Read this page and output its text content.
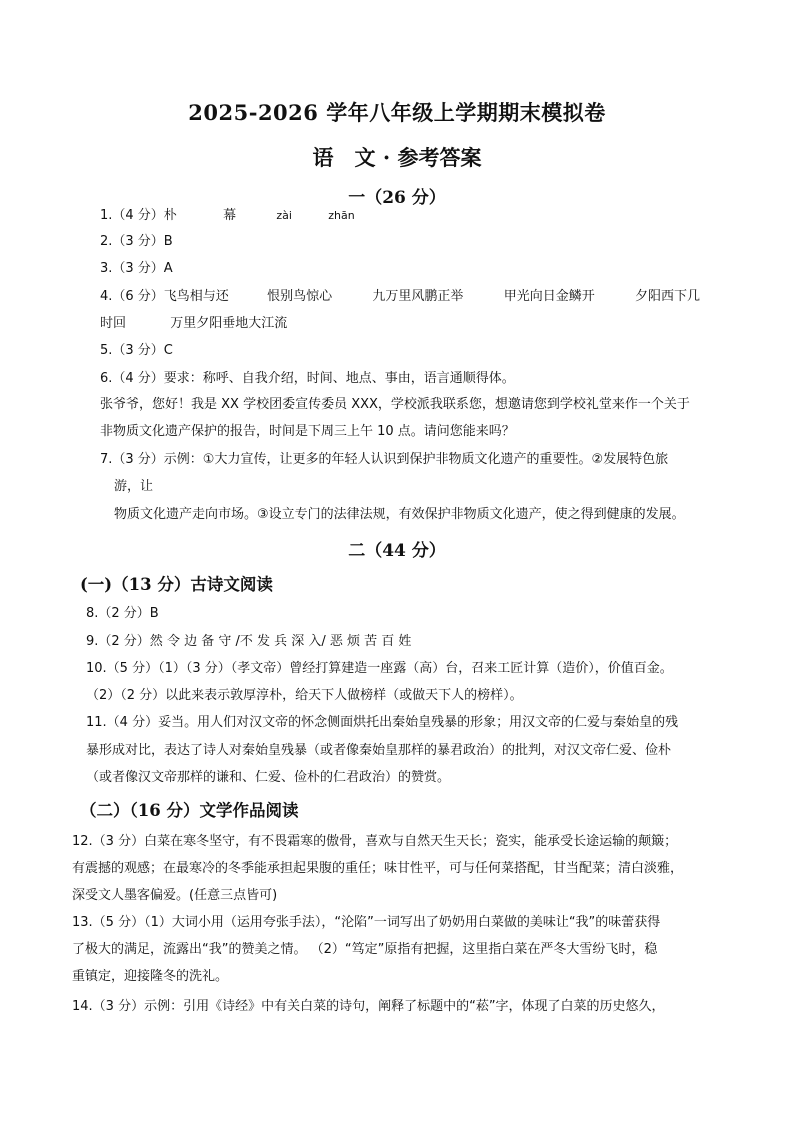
2025-2026 学年八年级上学期期末模拟卷
语　文 · 参考答案
一（26 分）
1.（4 分）朴	幕	zài	zhān
2.（3 分）B
3.（3 分）A
4.（6 分）飞鸟相与还	恨别鸟惊心	九万里风鹏正举	甲光向日金鳞开	夕阳西下几
时回	万里夕阳垂地大江流
5.（3 分）C
6.（4 分）要求：称呼、自我介绍，时间、地点、事由，语言通顺得体。
张爷爷，您好！我是 XX 学校团委宣传委员 XXX，学校派我联系您，想邀请您到学校礼堂来作一个关于
非物质文化遗产保护的报告，时间是下周三上午 10 点。请问您能来吗？
7.（3 分）示例：①大力宣传，让更多的年轻人认识到保护非物质文化遗产的重要性。②发展特色旅
游，让
物质文化遗产走向市场。③设立专门的法律法规，有效保护非物质文化遗产，使之得到健康的发展。
二（44 分）
(一)（13 分）古诗文阅读
8.（2 分）B
9.（2 分）然 令 边 备 守 /不 发 兵 深 入/ 恶 烦 苦 百 姓
10.（5 分）（1）（3 分）（孝文帝）曾经打算建造一座露（高）台，召来工匠计算（造价），价值百金。
（2）（2 分）以此来表示敦厚淳朴，给天下人做榜样（或做天下人的榜样）。
11.（4 分）妥当。用人们对汉文帝的怀念侧面烘托出秦始皇残暴的形象；用汉文帝的仁爱与秦始皇的残
暴形成对比，表达了诗人对秦始皇残暴（或者像秦始皇那样的暴君政治）的批判，对汉文帝仁爱、俭朴
（或者像汉文帝那样的谦和、仁爱、俭朴的仁君政治）的赞赏。
（二）（16 分）文学作品阅读
12.（3 分）白菜在寒冬坚守，有不畏霜寒的傲骨，喜欢与自然天生天长；瓷实，能承受长途运输的颠簸；
有震撼的观感；在最寒冷的冬季能承担起果腹的重任；味甘性平，可与任何菜搭配，甘当配菜；清白淡雅，
深受文人墨客偏爱。(任意三点皆可)
13.（5 分）（1）大词小用（运用夸张手法），“沦陷”一词写出了奶奶用白菜做的美味让“我”的味蕾获得
了极大的满足，流露出“我”的赞美之情。 （2）“笃定”原指有把握，这里指白菜在严冬大雪纷飞时，稳
重镇定，迎接隆冬的洗礼。
14.（3 分）示例：引用《诗经》中有关白菜的诗句，阐释了标题中的“菘”字，体现了白菜的历史悠久，
